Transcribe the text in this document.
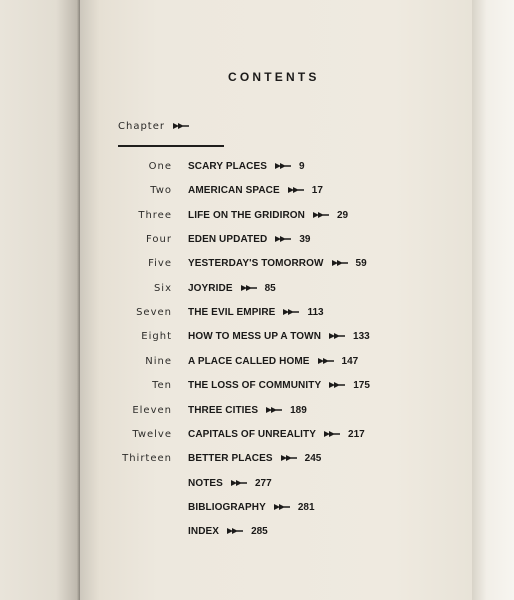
CONTENTS
Chapter
One SCARY PLACES	9
Two AMERICAN SPACE	17
Three LIFE ON THE GRIDIRON	29
Four EDEN UPDATED	39
Five YESTERDAY'S TOMORROW	59
Six JOYRIDE	85
Seven THE EVIL EMPIRE	113
Eight HOW TO MESS UP A TOWN	133
Nine A PLACE CALLED HOME	147
Ten THE LOSS OF COMMUNITY	175
Eleven THREE CITIES	189
Twelve CAPITALS OF UNREALITY	217
Thirteen BETTER PLACES	245
NOTES	277
BIBLIOGRAPHY	281
INDEX	285
